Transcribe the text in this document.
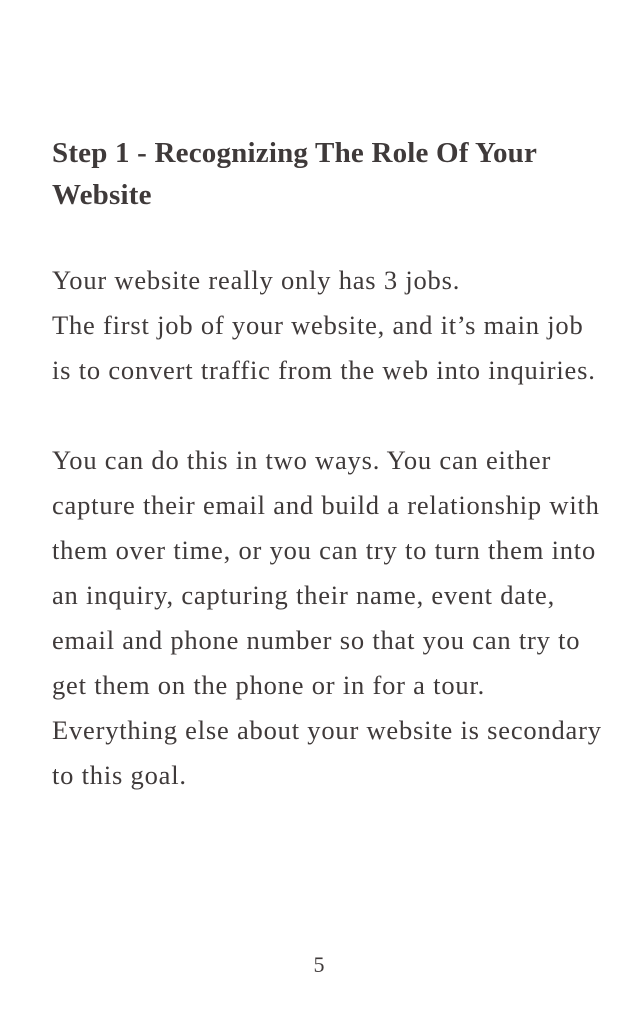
Step 1 - Recognizing The Role Of Your Website

Your website really only has 3 jobs.

The first job of your website, and it’s main job is to convert traffic from the web into inquiries.

You can do this in two ways. You can either capture their email and build a relationship with them over time, or you can try to turn them into an inquiry, capturing their name, event date, email and phone number so that you can try to get them on the phone or in for a tour. Everything else about your website is secondary to this goal.

5
